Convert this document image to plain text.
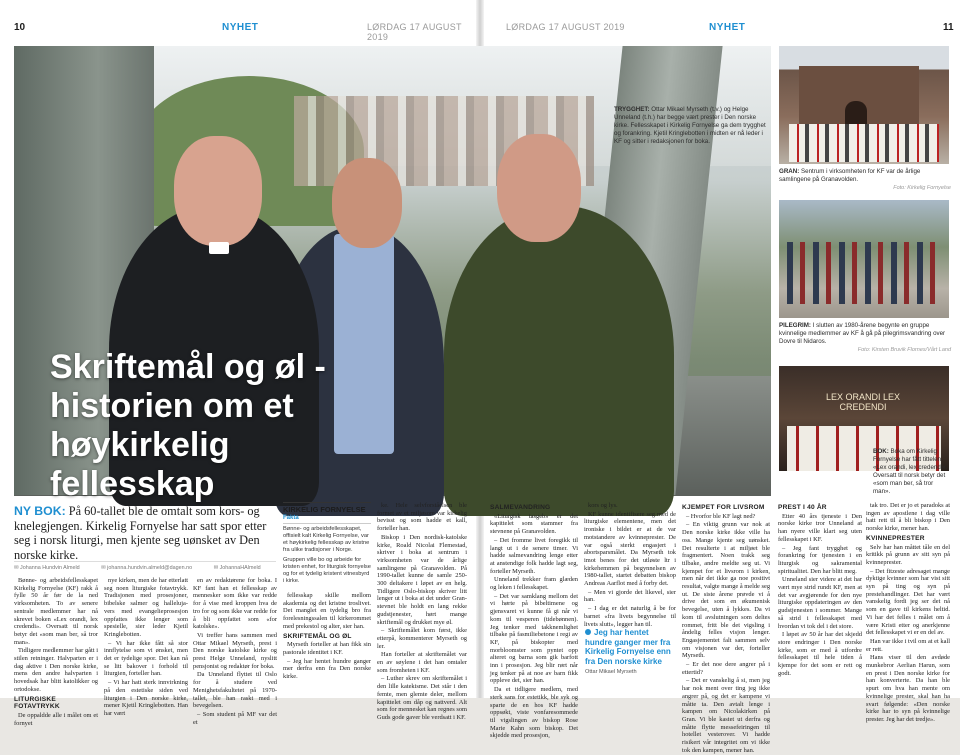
10	NYHET	LØRDAG 17 AUGUST 2019
LØRDAG 17 AUGUST 2019	NYHET	11
Skriftemål og øl - historien om et høykirkelig fellesskap
TRYGGHET: Ottar Mikael Myrseth (t.v.) og Helge Unneland (t.h.) har begge vært prester i Den norske kirke. Fellesskapet i Kirkelig Fornyelse ga dem trygghet og forankring. Kjetil Kringlebotten i midten er nå leder i KF og sitter i redaksjonen for boka.
GRAN: Sentrum i virksomheten for KF var de årlige samlingene på Granavolden.
Foto: Kirkelig Fornyelse
PILEGRIM: I slutten av 1980-årene begynte en gruppe kvinnelige medlemmer av KF å gå på pilegrimsvandring over Dovre til Nidaros.
Foto: Kirsten Bruvik Flornes/Vårt Land
LEX ORANDI LEX CREDENDI
BOK: Boka om Kirkelig Fornyelse har fått tittelen «Lex orandi, lex credendi». Oversatt til norsk betyr det «som man ber, så tror man».
NY BOK: På 60-tallet ble de omtalt som kors- og knelegjengen. Kirkelig Fornyelse har satt spor etter seg i norsk liturgi, men kjente seg uønsket av Den norske kirke.
✉ Johanna Hundvin Almeld	✉ johanna.hundvin.almeld@dagen.no	✉ JohannaHAlmeld

Bønne- og arbeidsfellesskapet Kirkelig Fornyelse (KF) rakk å fylle 50 år før de la ned virksomheten. To av senere sentrale medlemmer har nå skrevet boken «Lex orandi, lex credendi». Oversatt til norsk betyr det «som man ber, så tror man».

Tidligere medlemmer har gått i stilen retninger. Halvparten er i dag aktive i Den norske kirke, mens den andre halvparten i hovedsak har blitt katolikker og ortodokse.

LITURGISKE FOTAVTRYKK

De oppaldde alle i målet om et fornyet

nye kirken, men de har etterlatt seg noen liturgiske fotavtrykk. Tradisjonen med prosesjoner, bibelske salmer og halleluja-vers med evangelieprosesjon oppfattes ikke lenger som spesielle, sier leder Kjetil Kringlebotten.

– Vi har ikke fått så stor innflytelse som vi ønsket, men det er tydelige spor. Det kan nå se litt bakover i forhold til liturgien, forteller han.

– Vi har hatt sterk innvirkning på den estetiske siden ved liturgien i Den norske kirke, mener Kjetil Kringlebotten. Han har vært

en av redaktørene for boka. I KF fant han et fellesskap av mennesker som ikke var redde for å vise med kroppen hva de tro for og som ikke var redde for å bli oppfattet som «for katolske».

Vi treffer hans sammen med Ottar Mikael Myrseth, prest i Den norske katolske kirke og prest Helge Unneland, nyslitt pensjonist og redaktør for boka.

Da Unneland flyttet til Oslo for å studere ved Menighetsfakultetet på 1970-tallet, ble han raskt med i bevegelsen.

– Som student på MF var det et

KIRKELIG FORNYELSE
Fakta

Bønne- og arbeidsfellesskapet, offisielt kalt Kirkelig Fornyelse, var et høykirkelig fellesskap av kristne fra ulike tradisjoner i Norge.

Gruppen ville bo og arbeide for kristen enhet, for liturgisk fornyelse og for et tydelig kristent vitnesbyrd i kirke.

fellesskap skille mellom akademia og det kristne troslivet. Det manglet en tydelig bro fra forelesningssalen til kirkerommet med prekestol og alter, sier han.

SKRIFTEMÅL OG ØL

Myrseth forteller at han fikk sin pastorale identitet i KF.

– Jeg har hentet hundre ganger mer derfra enn fra Den norske kirke.

ke. Hele selvforståelsen ble formet av et miljøsom var kirkelig bevisst og som hadde et kall, forteller han.

Biskop i Den nordisk-katolske kirke, Roald Nicolai Flemestad, skriver i boka at sentrum i virksomheten var de årlige samlingene på Granavolden. På 1990-tallet kunne de samle 250-300 deltakere i løpet av en helg. Tidligere Oslo-biskop skriver litt lenger ut i boka at det under Gran-stevnet ble holdt en lang rekke gudstjenester, hørt mange skriftemål og drukket mye øl.

– Skriftemålet kom først, ikke etterpå, kommenterer Myrseth og ler.

Han forteller at skriftemålet var en av søylene i det han omtaler som fromheten i KF.

– Luther skrev om skriftemålet i den lille katekisme. Det står i den femte, men glemte deler, mellom kapittelet om dåp og nattverd. Alt som for mennesket kan regnes som Guds gode gaver ble verdsatt i KF.

SALMEVANDRING

«Liturgisk tasgeb» er det kapittelet som stammer fra stevnene på Granavolden.

– Det fromme livet foregikk til langt ut i de senere timer. Vi hadde salmevandring lenge etter at anstendige folk hadde lagt seg, forteller Myrseth.

Unneland trekker fram glæden og leken i fellesskapet.

– Det var samklang mellom det vi hørte på bibeltimene og gjensvaret vi kunne få gi når vi kom til vesperen (tidebønnen). Jeg tenker med takknemlighet tilbake på fasmiliebetone i regi av KF, på biskopter med morbloomster som pyntet opp alteret og barna som gik barfott inn i prosesjon. Jeg blir rørt når jeg tenker på at noe av barn fikk oppleve det, sier han.

Da et tidligere medlem, med sterk sans for estetikk, ble syk og sparte de en hos KF hadde oppsøkt, viste vonfaresommede til vigslingen av biskop Rose Marie Kahn som biskop. Det skjedde med prosesjon,

kors og lys.

KF kunne identifisere seg med de liturgiske elementene, men det ironiske i bildet er at de var motstandere av kvinneprester. De var også sterkt engasjert i abortsparsmålet. Da Myrseth tok imot benes for det utløste ltr i kirkehemmen på begynnelsen av 1980-tallet, startet debatten biskop Andreas Aarflot med å forby det.

– Men vi gjorde det likevel, sier han.

– I dag er det naturlig å be for barnet «fra livets begynnelse til livets slutt», legger han til.

Jeg har hentet hundre ganger mer fra Kirkelig Fornyelse enn fra Den norske kirke
Ottar Mikael Myrseth
KJEMPET FOR LIVSROM

– Hvorfor ble KF lagt ned?

– En viktig grunn var nok at Den norske kirke ikke ville ha oss. Mange kjente seg uønsket. Det resulterte i at miljøet ble fragmentert. Noen trakk seg tilbake, andre meldte seg ut. Vi kjempet for et livsrom i kirken, men når det ikke ga noe positivt resultat, valgte mange å melde seg ut. De siste årene prøvde vi å drive det som en økumenisk bevegelse, uten å lykkes. Da vi kom til avslutningen som deltes rommet, fritt ble det vigsling i åndelig felles visjon lenger. Engasjementet falt sammen selv om visjonen var der, forteller Myrseth.

– Er det noe dere angrer på i ettertid?

– Det er vanskelig å si, men jeg har nok ment over ting jeg ikke angrer på, og det er kampene vi måtte ta. Den avtalt lenge i kampen om Nicolakirken på Gran. Vi ble kastet ut derfra og måtte flytte messefeiringen til hotellet vesterover. Vi hadde risikert vår integritet om vi ikke tok den kampen, mener han.

PREST I 40 ÅR

Etter 40 års tjeneste i Den norske kirke tror Unneland at han nyere ville klart seg uten fellesskapet i KF.

– Jeg fant trygghet og forankring for tjenesten i en liturgisk og sakramental spiritualitet. Den har blitt meg.

Unneland sier videre at det har vært mye strid rundt KF, men at det var avgjørende for den nye liturgiske oppdateringen av den gudstjenesten i sommer. Mange så strid i fellesskapet med hvordan vi tok del i det store.

I løpet av 50 år har det skjedd store endringer i Den norske kirke, som er med å utfordre fellesskapet til hele tiden å kjempe for det som er rett og godt.

tak tro. Det er jo et paradoks at ingen av apostlene i dag ville hatt rett til å bli biskop i Den norske kirke, mener han.

KVINNEPRESTER

Selv har han måttet tåle en del kritikk på grunn av sitt syn på kvinneprester.

– Det fitzeste adresaget mange dyktige kvinner som har vist sitt syn på ting og syn på prestehandlinger. Det har vært vanskelig fordi jeg ser det nå som en gave til kirkens heltid. Vi har det felles i målet om å være Kristi etter og anerkjenne det fellesskapet vi er en del av.

Han var ikke i tvil om at et kall er rett.

Hans viser til den avdøde munkebror Aerlian Harun, som en prest i Den norske kirke for han konverterte. Da han ble spurt om hva han mente om kvinnelige prester, skal han ha svart følgende: «Den norske kirke har to syn på kvinnelige prester. Jeg har det tredje».
